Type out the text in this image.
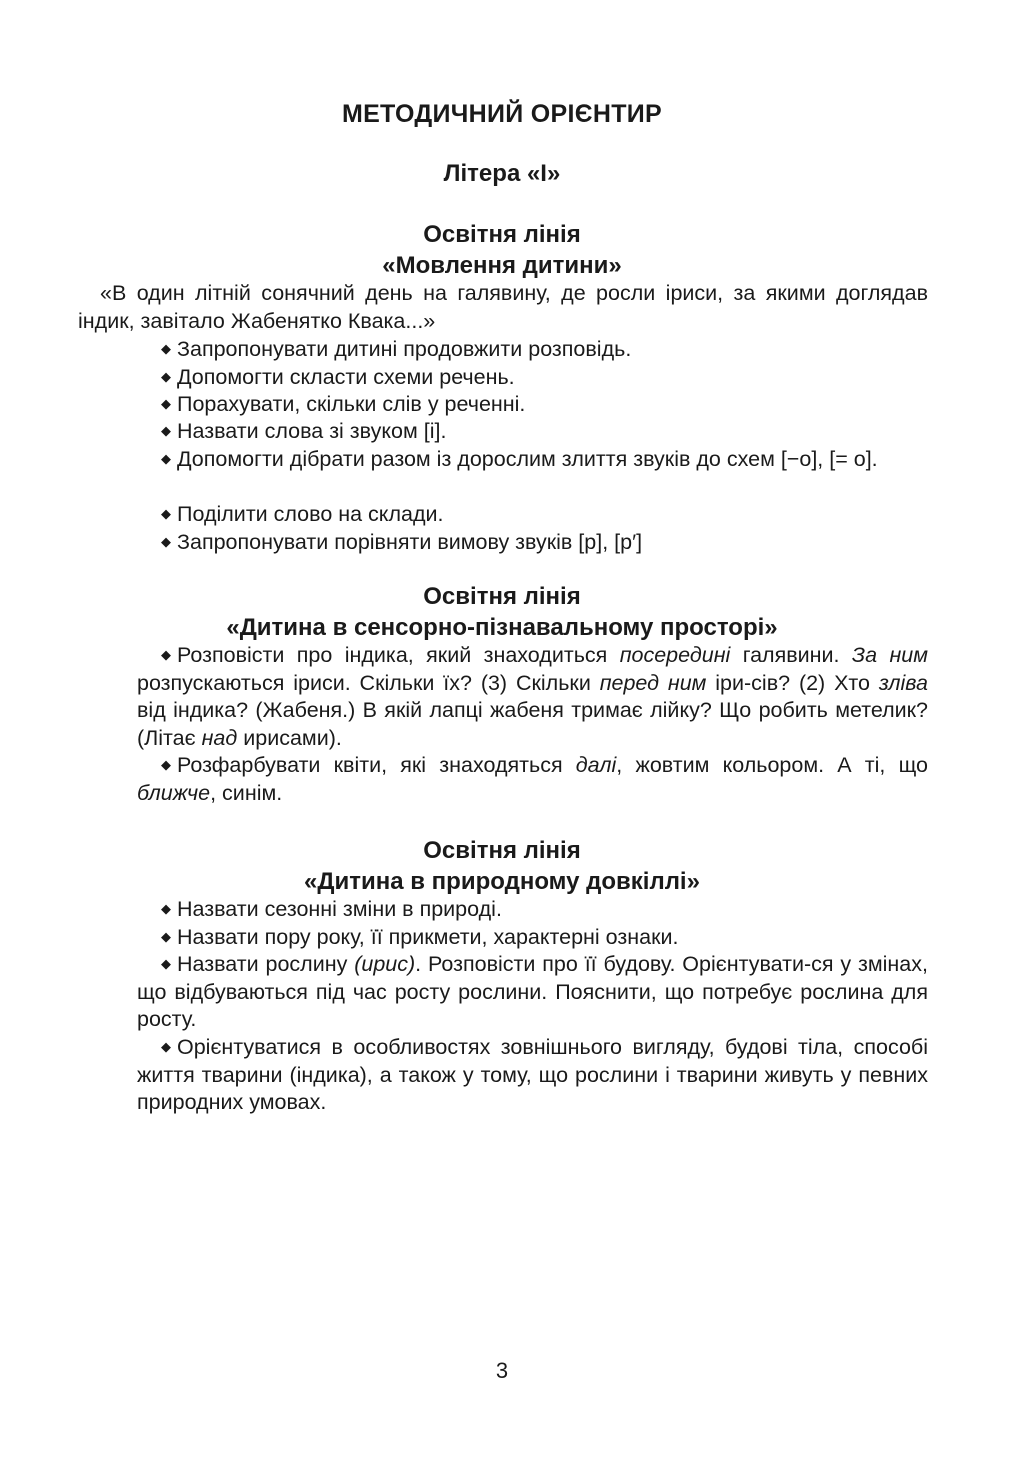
МЕТОДИЧНИЙ ОРІЄНТИР
Літера «І»
Освітня лінія
«Мовлення дитини»

«В один літній сонячний день на галявину, де росли іриси, за якими доглядав індик, завітало Жабенятко Квака...»

◆ Запропонувати дитині продовжити розповідь.

◆ Допомогти скласти схеми речень.

◆ Порахувати, скільки слів у реченні.

◆ Назвати слова зі звуком [і].

◆ Допомогти дібрати разом із дорослим злиття звуків до схем [−о], [= о].

◆ Поділити слово на склади.

◆ Запропонувати порівняти вимову звуків [р], [р′]

Освітня лінія
«Дитина в сенсорно-пізнавальному просторі»

◆ Розповісти про індика, який знаходиться посередині галявини. За ним розпускаються іриси. Скільки їх? (3) Скільки перед ним іри-сів? (2) Хто зліва від індика? (Жабеня.) В якій лапці жабеня тримає лійку? Що робить метелик? (Літає над ирисами).

◆ Розфарбувати квіти, які знаходяться далі, жовтим кольором. А ті, що ближче, синім.

Освітня лінія
«Дитина в природному довкіллі»

◆ Назвати сезонні зміни в природі.

◆ Назвати пору року, її прикмети, характерні ознаки.

◆ Назвати рослину (ирис). Розповісти про її будову. Орієнтувати-ся у змінах, що відбуваються під час росту рослини. Пояснити, що потребує рослина для росту.

◆ Орієнтуватися в особливостях зовнішнього вигляду, будові тіла, способі життя тварини (індика), а також у тому, що рослини і тварини живуть у певних природних умовах.

3
